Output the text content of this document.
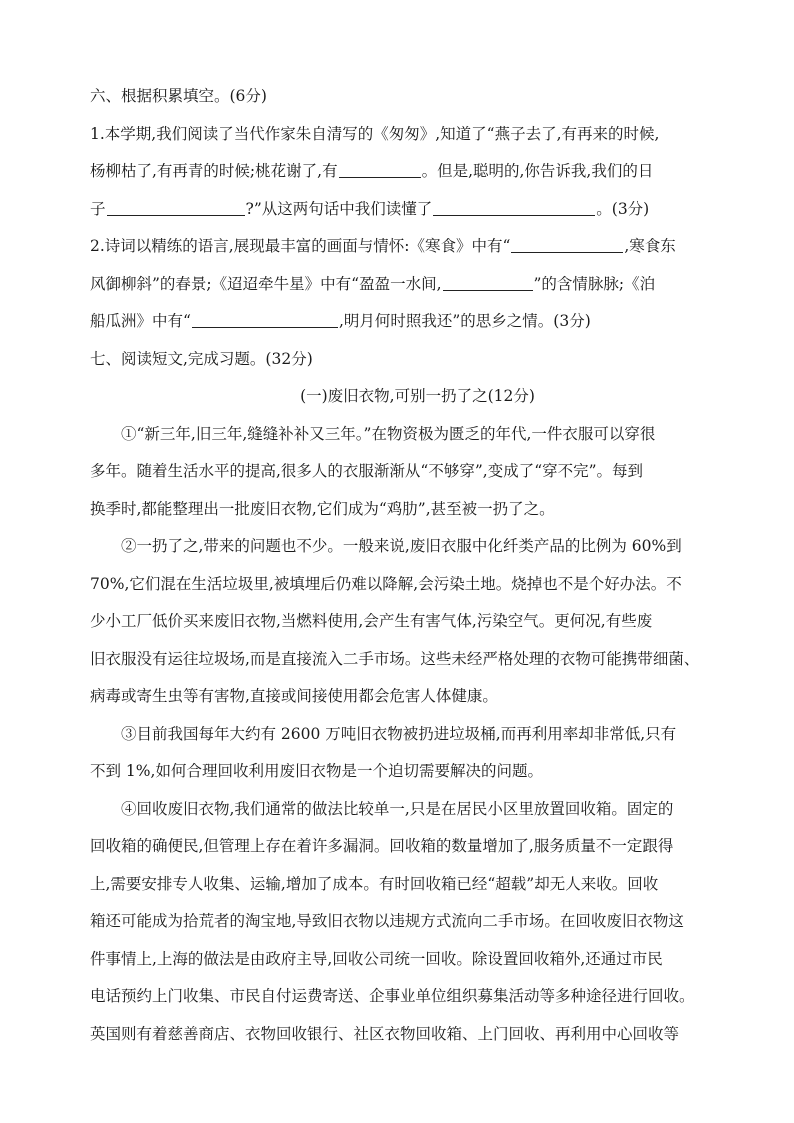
六、根据积累填空。(6分)
1.本学期,我们阅读了当代作家朱自清写的《匆匆》,知道了“燕子去了,有再来的时候,
杨柳枯了,有再青的时候;桃花谢了,有	。但是,聪明的,你告诉我,我们的日
子	?”从这两句话中我们读懂了	。(3分)
2.诗词以精练的语言,展现最丰富的画面与情怀:《寒食》中有“	,寒食东
风御柳斜”的春景;《迢迢牵牛星》中有“盈盈一水间,	”的含情脉脉;《泊
船瓜洲》中有“	,明月何时照我还”的思乡之情。(3分)
七、阅读短文,完成习题。(32分)
(一)废旧衣物,可别一扔了之(12分)
①“新三年,旧三年,缝缝补补又三年。”在物资极为匮乏的年代,一件衣服可以穿很
多年。随着生活水平的提高,很多人的衣服渐渐从“不够穿”,变成了“穿不完”。每到
换季时,都能整理出一批废旧衣物,它们成为“鸡肋”,甚至被一扔了之。
②一扔了之,带来的问题也不少。一般来说,废旧衣服中化纤类产品的比例为 60%到
70%,它们混在生活垃圾里,被填埋后仍难以降解,会污染土地。烧掉也不是个好办法。不
少小工厂低价买来废旧衣物,当燃料使用,会产生有害气体,污染空气。更何况,有些废
旧衣服没有运往垃圾场,而是直接流入二手市场。这些未经严格处理的衣物可能携带细菌、
病毒或寄生虫等有害物,直接或间接使用都会危害人体健康。
③目前我国每年大约有 2600 万吨旧衣物被扔进垃圾桶,而再利用率却非常低,只有
不到 1%,如何合理回收利用废旧衣物是一个迫切需要解决的问题。
④回收废旧衣物,我们通常的做法比较单一,只是在居民小区里放置回收箱。固定的
回收箱的确便民,但管理上存在着许多漏洞。回收箱的数量增加了,服务质量不一定跟得
上,需要安排专人收集、运输,增加了成本。有时回收箱已经“超载”却无人来收。回收
箱还可能成为拾荒者的淘宝地,导致旧衣物以违规方式流向二手市场。在回收废旧衣物这
件事情上,上海的做法是由政府主导,回收公司统一回收。除设置回收箱外,还通过市民
电话预约上门收集、市民自付运费寄送、企事业单位组织募集活动等多种途径进行回收。
英国则有着慈善商店、衣物回收银行、社区衣物回收箱、上门回收、再利用中心回收等
